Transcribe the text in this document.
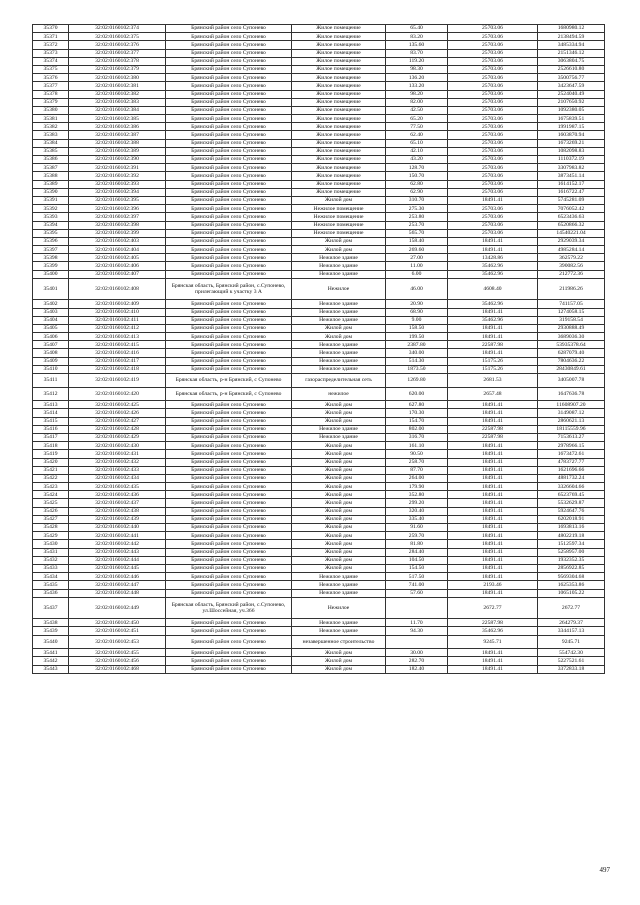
35370	32:02:0160102:374	Брянский район село Супонево	Жилое помещение	65.40	25703.06	1680980.12
35371	32:02:0160102:375	Брянский район село Супонево	Жилое помещение	83.20	25703.06	2138494.59
35372	32:02:0160102:376	Брянский район село Супонево	Жилое помещение	135.60	25703.06	3485334.94
35373	32:02:0160102:377	Брянский район село Супонево	Жилое помещение	83.70	25703.06	2151346.12
35374	32:02:0160102:378	Брянский район село Супонево	Жилое помещение	119.20	25703.06	3063804.75
35375	32:02:0160102:379	Брянский район село Супонево	Жилое помещение	98.30	25703.06	2526610.80
35376	32:02:0160102:380	Брянский район село Супонево	Жилое помещение	136.20	25703.06	3500756.77
35377	32:02:0160102:381	Брянский район село Супонево	Жилое помещение	133.20	25703.06	3423647.59
35378	32:02:0160102:382	Брянский район село Супонево	Жилое помещение	98.20	25703.06	2524040.49
35379	32:02:0160102:383	Брянский район село Супонево	Жилое помещение	82.00	25703.06	2107650.92
35380	32:02:0160102:384	Брянский район село Супонево	Жилое помещение	42.50	25703.06	1092380.05
35381	32:02:0160102:385	Брянский район село Супонево	Жилое помещение	65.20	25703.06	1675839.51
35382	32:02:0160102:386	Брянский район село Супонево	Жилое помещение	77.50	25703.06	1991987.15
35383	32:02:0160102:387	Брянский район село Супонево	Жилое помещение	62.40	25703.06	1603870.94
35384	32:02:0160102:388	Брянский район село Супонево	Жилое помещение	65.10	25703.06	1673269.21
35385	32:02:0160102:389	Брянский район село Супонево	Жилое помещение	42.10	25703.06	1082098.83
35386	32:02:0160102:390	Брянский район село Супонево	Жилое помещение	43.20	25703.06	1110372.19
35387	32:02:0160102:391	Брянский район село Супонево	Жилое помещение	128.70	25703.06	3307983.82
35388	32:02:0160102:392	Брянский район село Супонево	Жилое помещение	150.70	25703.06	3873451.14
35389	32:02:0160102:393	Брянский район село Супонево	Жилое помещение	62.80	25703.06	1614152.17
35390	32:02:0160102:394	Брянский район село Супонево	Жилое помещение	62.90	25703.06	1616722.47
35391	32:02:0160102:395	Брянский район село Супонево	Жилой дом	310.70	18491.41	5745281.09
35392	32:02:0160102:396	Брянский район село Супонево	Нежилое помещение	275.30	25703.06	7076052.42
35393	32:02:0160102:397	Брянский район село Супонево	Нежилое помещение	253.80	25703.06	6523436.63
35394	32:02:0160102:398	Брянский район село Супонево	Нежилое помещение	253.70	25703.06	6520866.32
35395	32:02:0160102:399	Брянский район село Супонево	Нежилое помещение	565.70	25703.06	14540221.04
35396	32:02:0160102:403	Брянский район село Супонево	Жилой дом	158.40	18491.41	2929039.34
35397	32:02:0160102:404	Брянский район село Супонево	Жилой дом	269.60	18491.41	4985284.14
35398	32:02:0160102:405	Брянский район село Супонево	Нежилое здание	27.00	13428.86	362579.22
35399	32:02:0160102:406	Брянский район село Супонево	Нежилое здание	11.00	35462.96	390082.56
35400	32:02:0160102:407	Брянский район село Супонево	Нежилое здание	6.00	35462.96	212772.36
35401	32:02:0160102:408	Брянская область, Брянский район, с.Супонево, прилегающий к участку 3 А	Нежилое	46.00	4608.40	211986.26
35402	32:02:0160102:409	Брянский район село Супонево	Нежилое здание	20.90	35462.96	741157.05
35403	32:02:0160102:410	Брянский район село Супонево	Нежилое здание	68.90	18491.41	1274058.15
35404	32:02:0160102:411	Брянский район село Супонево	Нежилое здание	9.00	35462.96	319158.54
35405	32:02:0160102:412	Брянский район село Супонево	Жилой дом	158.50	18491.41	2930888.49
35406	32:02:0160102:413	Брянский район село Супонево	Жилой дом	199.50	18491.41	3689036.30
35407	32:02:0160102:415	Брянский район село Супонево	Нежилое здание	2387.80	22587.98	53935378.64
35408	32:02:0160102:416	Брянский район село Супонево	Нежилое здание	340.00	18491.41	6287079.40
35409	32:02:0160102:417	Брянский район село Супонево	Нежилое здание	514.30	15175.26	7804636.22
35410	32:02:0160102:418	Брянский район село Супонево	Нежилое здание	1873.50	15175.26	28430849.61
35411	32:02:0160102:419	Брянская область, р-н Брянский, с Супонево	газораспределительная сеть	1269.80	2681.53	3405007.78
35412	32:02:0160102:420	Брянская область, р-н Брянский, с Супонево	нежилое	620.00	2657.48	1647636.78
35413	32:02:0160102:425	Брянский район село Супонево	Жилой дом	627.80	18491.41	11608907.20
35414	32:02:0160102:426	Брянский район село Супонево	Жилой дом	170.30	18491.41	3149087.12
35415	32:02:0160102:427	Брянский район село Супонево	Жилой дом	154.70	18491.41	2860621.13
35416	32:02:0160102:428	Брянский район село Супонево	Нежилое здание	802.00	22587.98	18115559.96
35417	32:02:0160102:429	Брянский район село Супонево	Нежилое здание	316.70	22587.98	7153613.27
35418	32:02:0160102:430	Брянский район село Супонево	Жилой дом	161.10	18491.41	2978966.15
35419	32:02:0160102:431	Брянский район село Супонево	Жилой дом	90.50	18491.41	1673472.61
35420	32:02:0160102:432	Брянский район село Супонево	Жилой дом	258.70	18491.41	4783727.77
35421	32:02:0160102:433	Брянский район село Супонево	Жилой дом	87.70	18491.41	1621696.66
35422	32:02:0160102:434	Брянский район село Супонево	Жилой дом	264.00	18491.41	4881732.24
35423	32:02:0160102:435	Брянский район село Супонево	Жилой дом	179.90	18491.41	3326604.66
35424	32:02:0160102:436	Брянский район село Супонево	Жилой дом	352.80	18491.41	6523769.45
35425	32:02:0160102:437	Брянский район село Супонево	Жилой дом	299.20	18491.41	5532629.87
35426	32:02:0160102:438	Брянский район село Супонево	Жилой дом	320.40	18491.41	5924647.76
35427	32:02:0160102:439	Брянский район село Супонево	Жилой дом	335.40	18491.41	6202018.91
35428	32:02:0160102:440	Брянский район село Супонево	Жилой дом	91.60	18491.41	1693813.16
35429	32:02:0160102:441	Брянский район село Супонево	Жилой дом	259.70	18491.41	4802219.18
35430	32:02:0160102:442	Брянский район село Супонево	Жилой дом	81.80	18491.41	1512597.34
35431	32:02:0160102:443	Брянский район село Супонево	Жилой дом	284.40	18491.41	5258957.00
35432	32:02:0160102:444	Брянский район село Супонево	Жилой дом	104.50	18491.41	1932352.35
35433	32:02:0160102:445	Брянский район село Супонево	Жилой дом	154.50	18491.41	2856922.85
35434	32:02:0160102:446	Брянский район село Супонево	Нежилое здание	517.50	18491.41	9569304.68
35435	32:02:0160102:447	Брянский район село Супонево	Нежилое здание	741.00	2193.46	1625353.86
35436	32:02:0160102:448	Брянский район село Супонево	Нежилое здание	57.60	18491.41	1065105.22
35437	32:02:0160102:449	Брянская область, Брянский район, с.Супонево, ул.Шоссейная, уч.366	Нежилое		2672.77	2672.77
35438	32:02:0160102:450	Брянский район село Супонево	Нежилое здание	11.70	22587.98	264279.37
35439	32:02:0160102:451	Брянский район село Супонево	Нежилое здание	94.30	35462.96	3344157.13
35440	32:02:0160102:453	Брянский район село Супонево	незавершенное строительство		9245.71	9245.71
35441	32:02:0160102:455	Брянский район село Супонево	Жилой дом	30.00	18491.41	554742.30
35442	32:02:0160102:456	Брянский район село Супонево	Жилой дом	282.70	18491.41	5227521.61
35443	32:02:0160102:468	Брянский район село Супонево	Жилой дом	182.40	18491.41	3372833.18
497
